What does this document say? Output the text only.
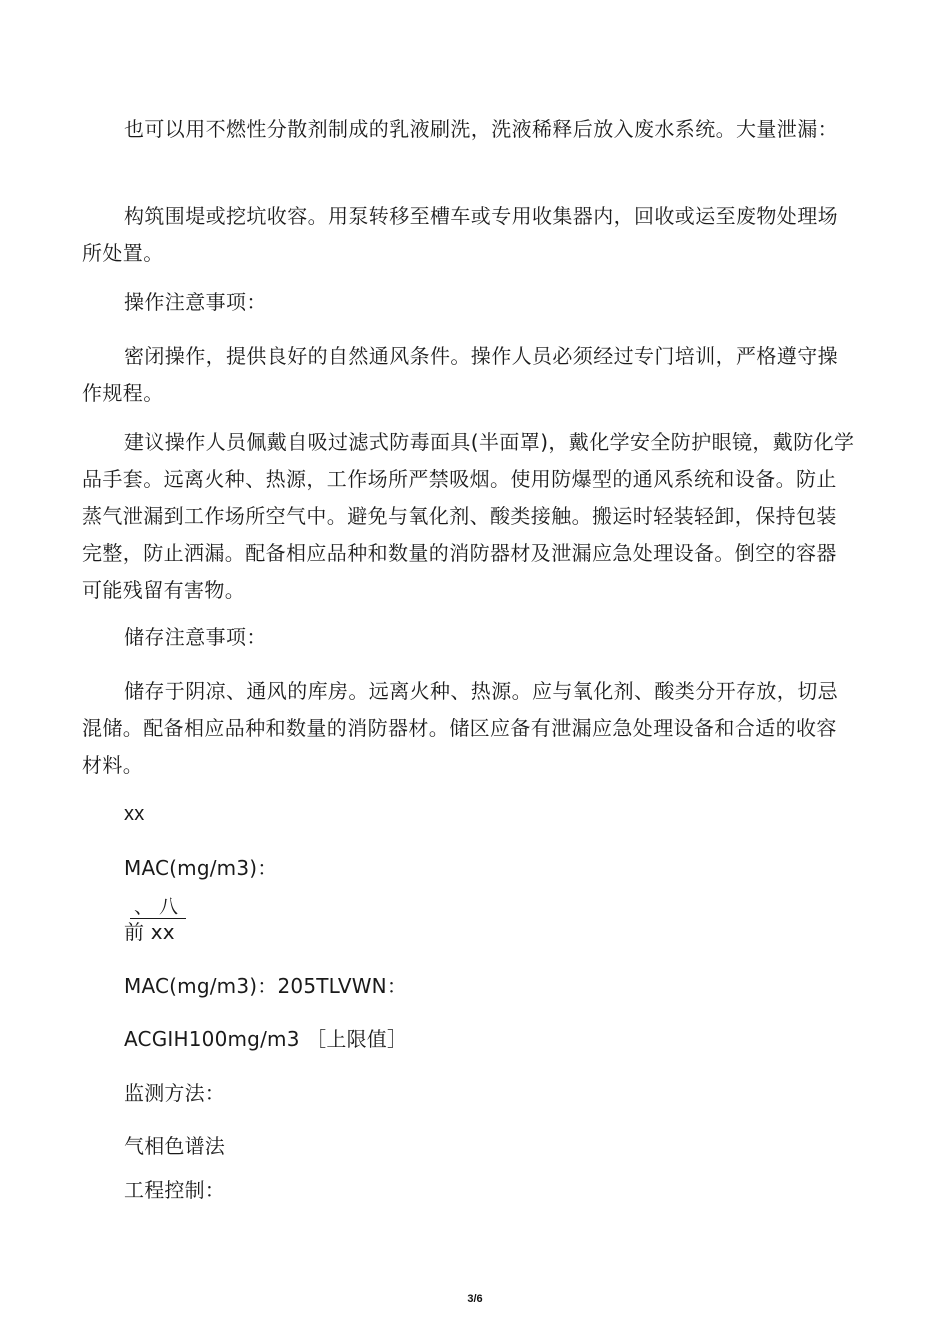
也可以用不燃性分散剂制成的乳液刷洗，洗液稀释后放入废水系统。大量泄漏：

构筑围堤或挖坑收容。用泵转移至槽车或专用收集器内，回收或运至废物处理场所处置。

操作注意事项：

密闭操作，提供良好的自然通风条件。操作人员必须经过专门培训，严格遵守操作规程。

建议操作人员佩戴自吸过滤式防毒面具(半面罩)，戴化学安全防护眼镜，戴防化学品手套。远离火种、热源，工作场所严禁吸烟。使用防爆型的通风系统和设备。防止蒸气泄漏到工作场所空气中。避免与氧化剂、酸类接触。搬运时轻装轻卸，保持包装完整，防止洒漏。配备相应品种和数量的消防器材及泄漏应急处理设备。倒空的容器可能残留有害物。

储存注意事项：

储存于阴凉、通风的库房。远离火种、热源。应与氧化剂、酸类分开存放，切忌混储。配备相应品种和数量的消防器材。储区应备有泄漏应急处理设备和合适的收容材料。

xx

MAC(mg/m3)：

、八

前 xx

MAC(mg/m3)：205TLVWN：

ACGIH100mg/m3 ［上限值］

监测方法：

气相色谱法

工程控制：

3/6
